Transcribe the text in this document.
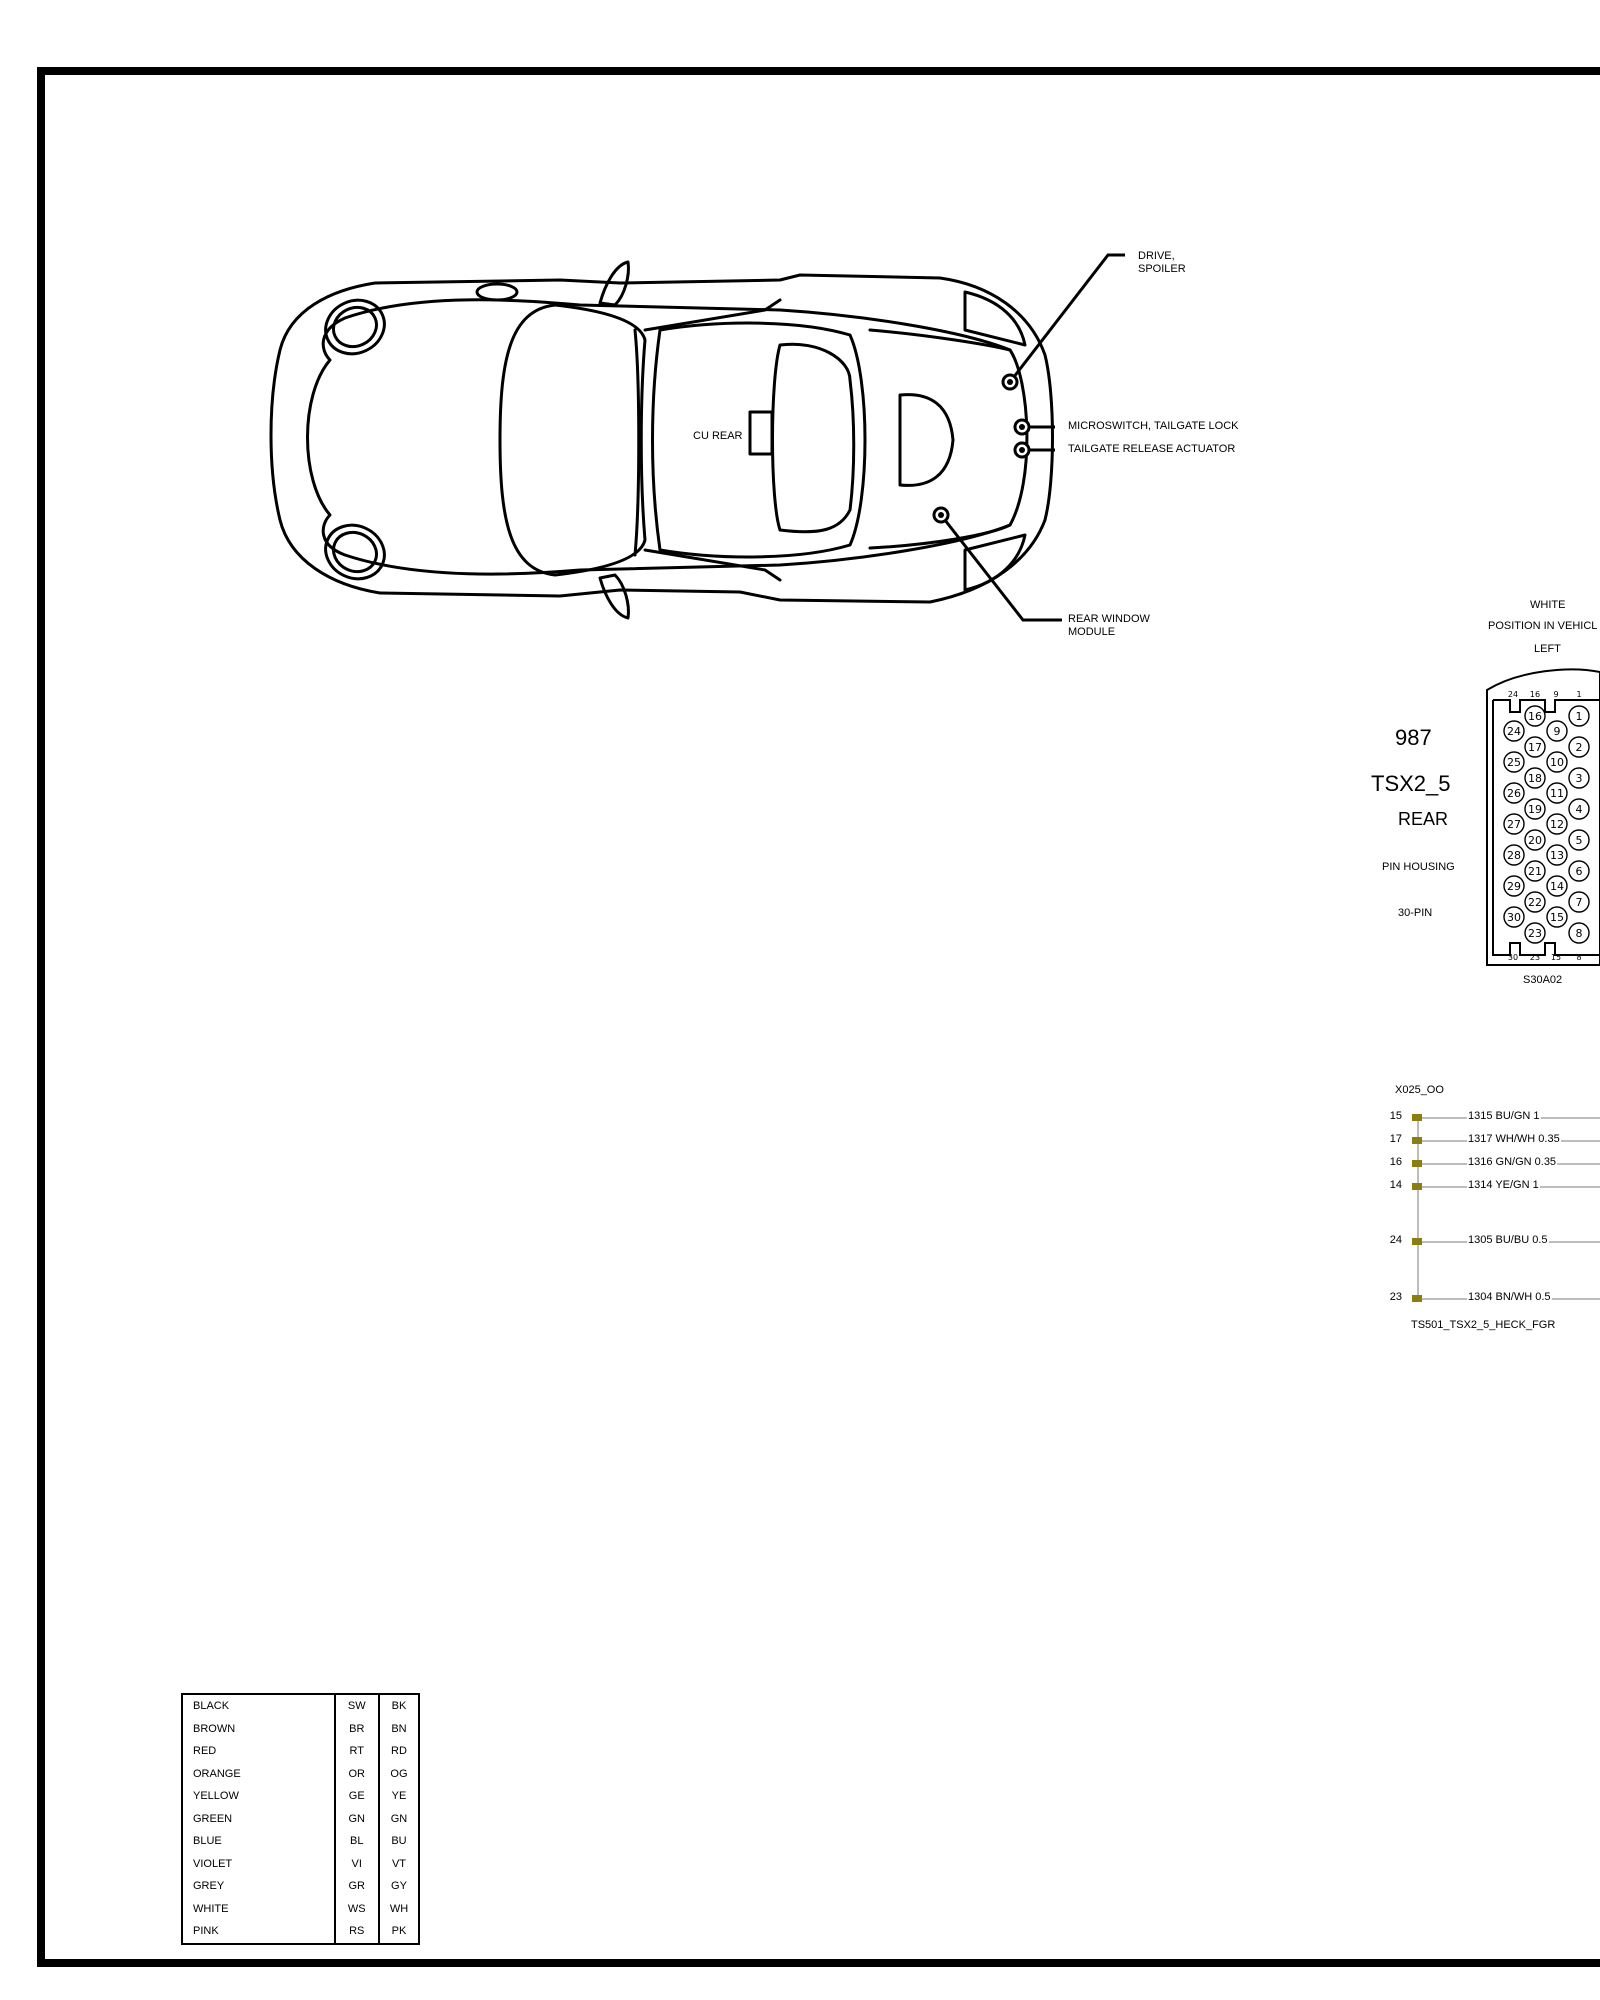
24
25
26
27
28
29
30
16
17
18
19
20
21
22
23
9
10
11
12
13
14
15
1
2
3
4
5
6
7
8
24 16 9 1
30 23 15 8
DRIVE,
SPOILER
MICROSWITCH, TAILGATE LOCK
TAILGATE RELEASE ACTUATOR
REAR WINDOW
MODULE
CU REAR
WHITE
POSITION IN VEHICL
LEFT
987
TSX2_5
REAR
PIN HOUSING
30-PIN
S30A02
X025_OO
15	1315 BU/GN 1
17	1317 WH/WH 0.35
16	1316 GN/GN 0.35
14	1314 YE/GN 1
24	1305 BU/BU 0.5
23	1304 BN/WH 0.5
TS501_TSX2_5_HECK_FGR
BLACK	SW	BK
BROWN	BR	BN
RED	RT	RD
ORANGE	OR	OG
YELLOW	GE	YE
GREEN	GN	GN
BLUE	BL	BU
VIOLET	VI	VT
GREY	GR	GY
WHITE	WS	WH
PINK	RS	PK
